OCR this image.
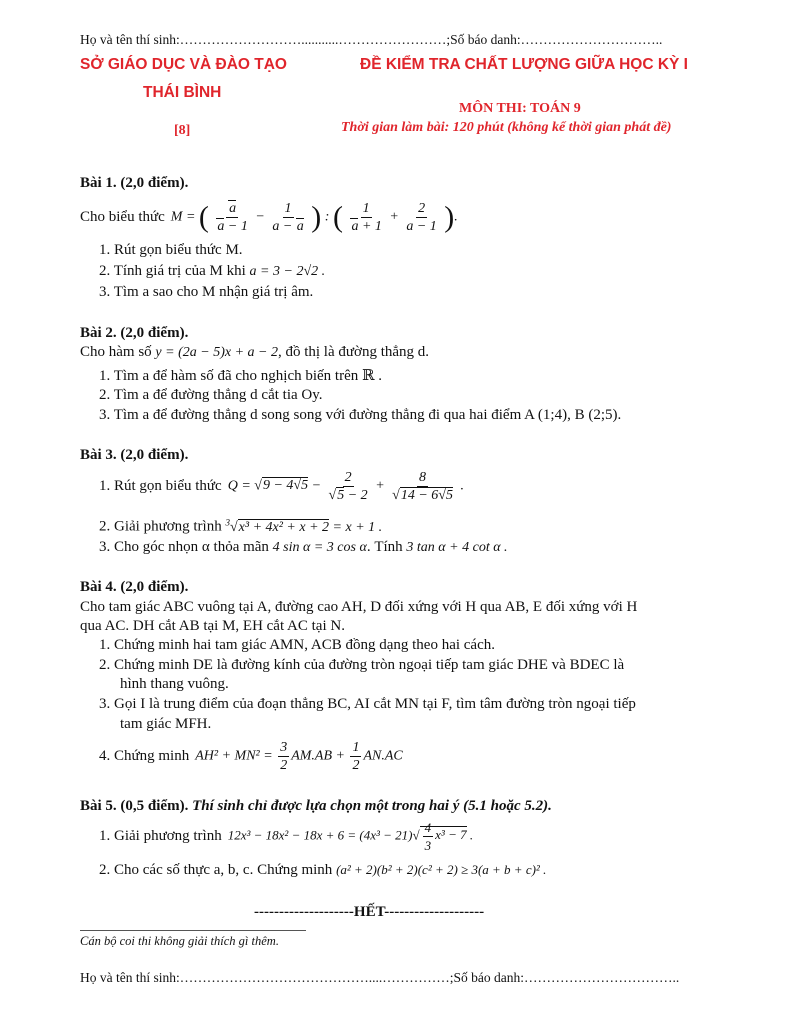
Họ và tên thí sinh:………………………...........……………………;Số báo danh:…………………………..
SỞ GIÁO DỤC VÀ ĐÀO TẠO
THÁI BÌNH
[8]
ĐỀ KIỂM TRA CHẤT LƯỢNG GIỮA HỌC KỲ I
MÔN THI: TOÁN 9
Thời gian làm bài: 120 phút (không kể thời gian phát đề)
Bài 1. (2,0 điểm).
Cho biểu thức M = ( $\frac{a}{a - 1} - \frac{1}{a - a}$ ) : ( $\frac{1}{a + 1} + \frac{2}{a - 1}$ ).
1. Rút gọn biểu thức M.
2. Tính giá trị của M khi a = 3 − 2√2 .
3. Tìm a sao cho M nhận giá trị âm.
Bài 2. (2,0 điểm).
Cho hàm số y = (2a − 5)x + a − 2, đồ thị là đường thẳng d.
1. Tìm a để hàm số đã cho nghịch biến trên ℝ .
2. Tìm a để đường thẳng d cắt tia Oy.
3. Tìm a để đường thẳng d song song với đường thẳng đi qua hai điểm A (1;4), B (2;5).
Bài 3. (2,0 điểm).
1. Rút gọn biểu thức $Q = √9 - 4√5 - \frac{2}{√5 - 2} + \frac{8}{√14 - 6√5}$ .
2. Giải phương trình $^3$√x³ + 4x² + x + 2 = x + 1 .
3. Cho góc nhọn α thỏa mãn 4 sin α = 3 cos α. Tính 3 tan α + 4 cot α .
Bài 4. (2,0 điểm).
Cho tam giác ABC vuông tại A, đường cao AH, D đối xứng với H qua AB, E đối xứng với H
qua AC. DH cắt AB tại M, EH cắt AC tại N.
1. Chứng minh hai tam giác AMN, ACB đồng dạng theo hai cách.
2. Chứng minh DE là đường kính của đường tròn ngoại tiếp tam giác DHE và BDEC là
hình thang vuông.
3. Gọi I là trung điểm của đoạn thẳng BC, AI cắt MN tại F, tìm tâm đường tròn ngoại tiếp
tam giác MFH.
4. Chứng minh $AH^2 + MN^2 = \frac{3}{2} AM.AB + \frac{1}{2} AN.AC$
Bài 5. (0,5 điểm). Thí sinh chỉ được lựa chọn một trong hai ý (5.1 hoặc 5.2).
1. Giải phương trình $12x^3 - 18x^2 - 18x + 6 = (4x^3 - 21)√ \frac{4}{3} x^3 - 7$ .
2. Cho các số thực a, b, c. Chứng minh (a² + 2)(b² + 2)(c² + 2) ≥ 3(a + b + c)² .
--------------------HẾT--------------------
Cán bộ coi thi không giải thích gì thêm.
Họ và tên thí sinh:……………………………………....……………;Số báo danh:……………………………..
